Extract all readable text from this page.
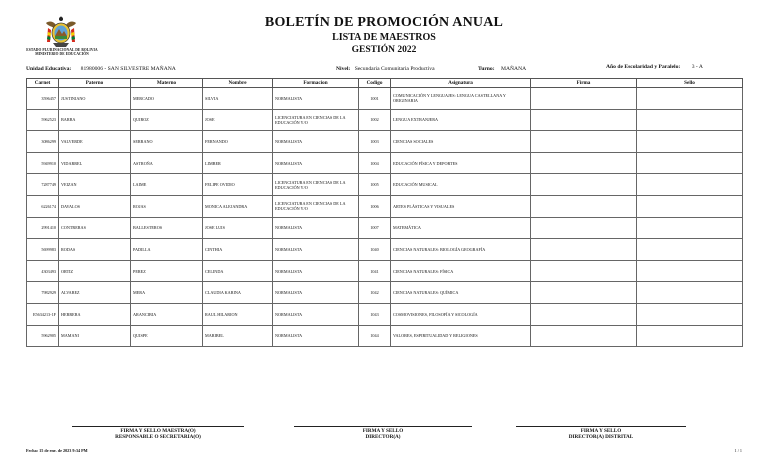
ESTADO PLURINACIONAL DE BOLIVIA
MINISTERIO DE EDUCACIÓN
BOLETÍN DE PROMOCIÓN ANUAL
LISTA DE MAESTROS
GESTIÓN 2022
Unidad Educativa: 81980006 - SAN SILVESTRE MAÑANA	Nivel: Secundaria Comunitaria Productiva	Turno: MAÑANA	Año de Escolaridad y Paralelo: 3 - A
Carnet	Paterno	Materno	Nombre	Formacion	Codigo	Asignatura	Firma	Sello
3596457	JUSTINIANO	MERCADO	SILVIA	NORMALISTA	1001	COMUNICACIÓN Y LENGUAJES: LENGUA CASTELLANA Y ORIGINARIA		
5962523	BARBA	QUIROZ	JOSE	LICENCIATURA EN CIENCIAS DE LA EDUCACIÓN Y/O	1002	LENGUA EXTRANJERA		
3086299	VALVERDE	SERRANO	FERNANDO	NORMALISTA	1003	CIENCIAS SOCIALES		
5949910	VIDARREL	ASTROÑA	LIMBER	NORMALISTA	1004	EDUCACIÓN FÍSICA Y DEPORTES		
7287749	VEIZAN	LAIME	FELIPE OVIDIO	LICENCIATURA EN CIENCIAS DE LA EDUCACIÓN Y/O	1005	EDUCACIÓN MUSICAL		
6226174	DAVALOS	ROJAS	MONICA ALEJANDRA	LICENCIATURA EN CIENCIAS DE LA EDUCACIÓN Y/O	1006	ARTES PLÁSTICAS Y VISUALES		
2991410	CONTRERAS	BALLESTEROS	JOSE LUIS	NORMALISTA	1007	MATEMÁTICA		
5699983	RODAS	PADILLA	CINTHIA	NORMALISTA	1040	CIENCIAS NATURALES: BIOLOGÍA GEOGRAFÍA		
4303493	ORTIZ	PEREZ	CELINDA	NORMALISTA	1041	CIENCIAS NATURALES: FÍSICA		
7982929	ALVAREZ	MERA	CLAUDIA KARINA	NORMALISTA	1042	CIENCIAS NATURALES: QUÍMICA		
E5634213-1F	HERRERA	ARANCIBIA	RAUL HILARION	NORMALISTA	1043	COSMOVISIONES, FILOSOFÍA Y SICOLOGÍA		
5962905	MAMANI	QUISPE	MARIBEL	NORMALISTA	1044	VALORES, ESPIRITUALIDAD Y RELIGIONES		
FIRMA Y SELLO MAESTRA(O)
RESPONSABLE O SECRETARIA(O)
FIRMA Y SELLO
DIRECTOR(A)
FIRMA Y SELLO
DIRECTOR(A) DISTRITAL
Fecha: 15 de ene. de 2023 9:34 PM	1 / 1
